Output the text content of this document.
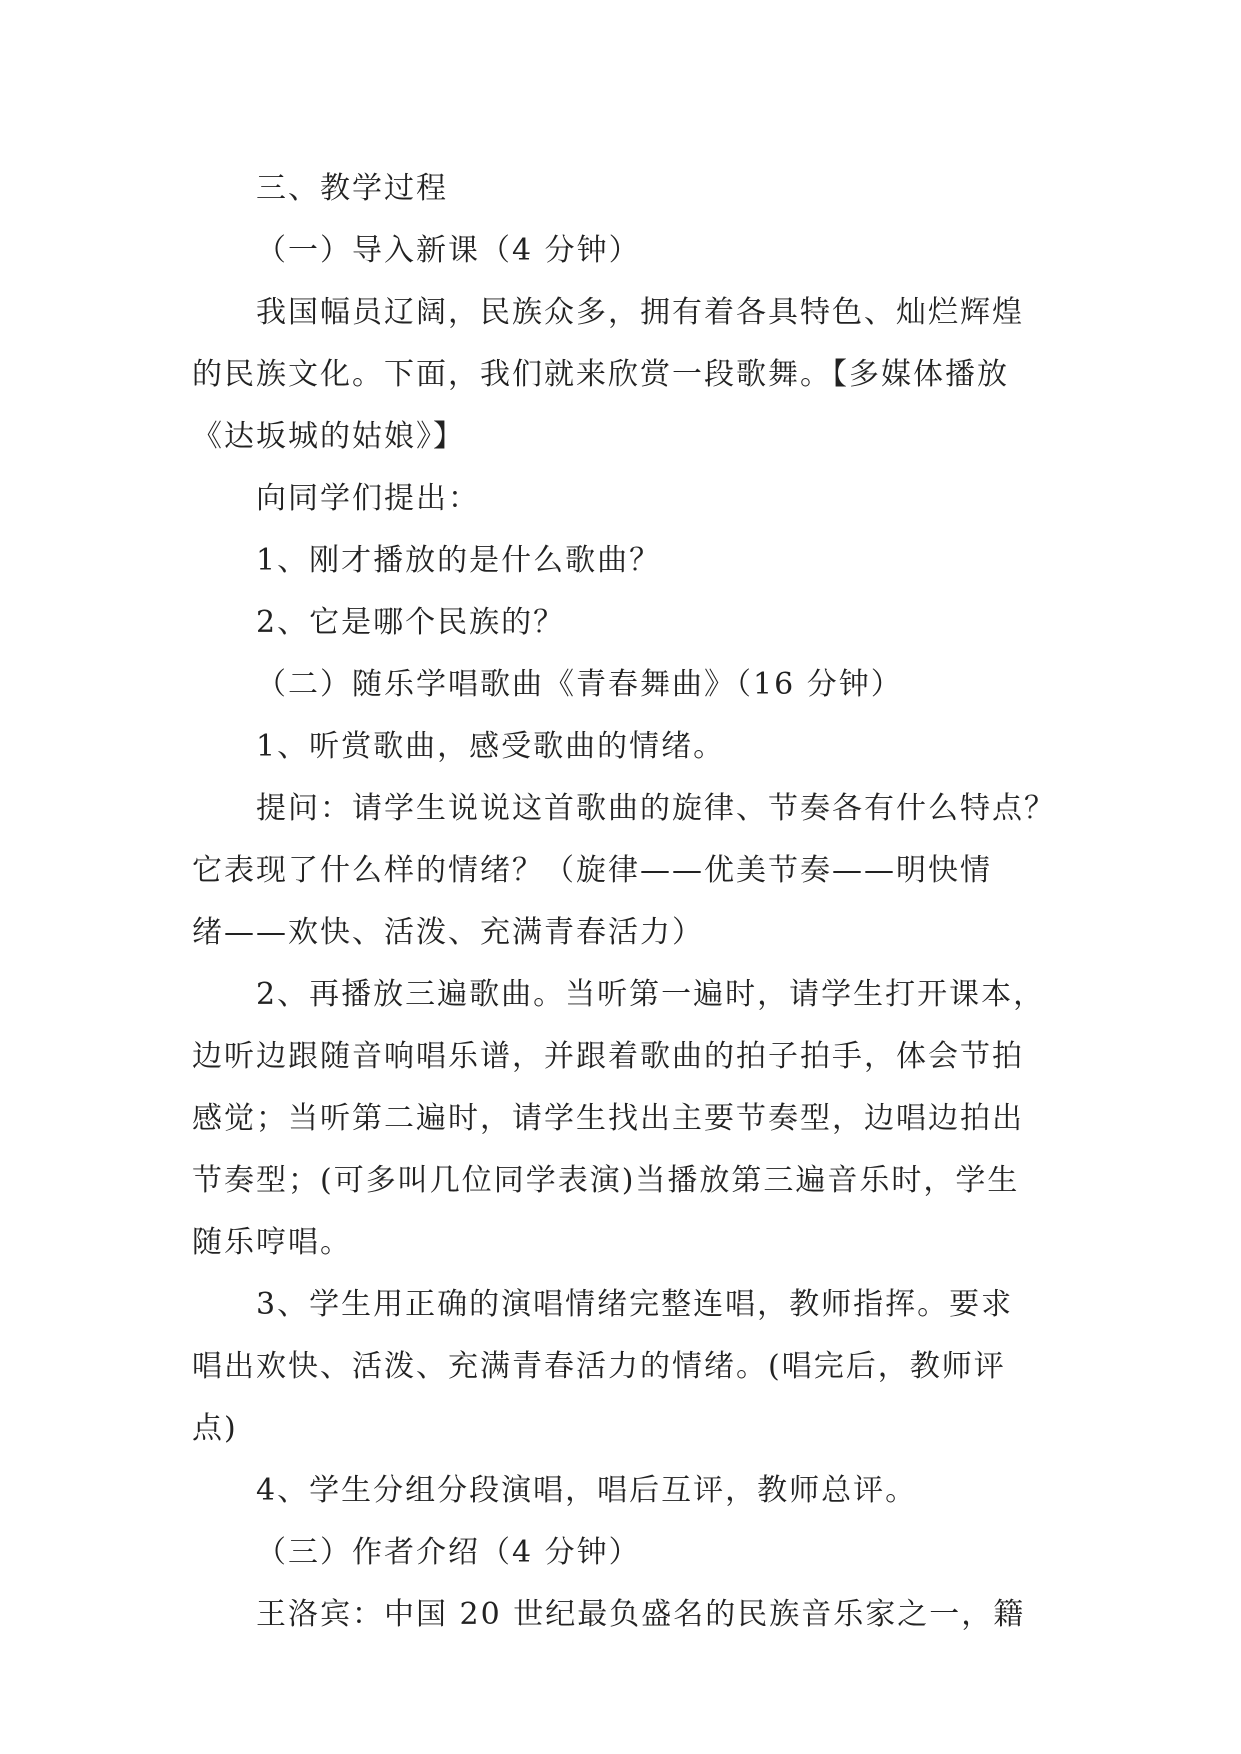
三、教学过程

（一）导入新课（4 分钟）

我国幅员辽阔，民族众多，拥有着各具特色、灿烂辉煌

的民族文化。下面，我们就来欣赏一段歌舞。【多媒体播放

《达坂城的姑娘》】

向同学们提出：

1、刚才播放的是什么歌曲？

2、它是哪个民族的？

（二）随乐学唱歌曲《青春舞曲》（16 分钟）

1、听赏歌曲，感受歌曲的情绪。

提问：请学生说说这首歌曲的旋律、节奏各有什么特点？

它表现了什么样的情绪？（旋律——优美节奏——明快情

绪——欢快、活泼、充满青春活力）

2、再播放三遍歌曲。当听第一遍时，请学生打开课本，

边听边跟随音响唱乐谱，并跟着歌曲的拍子拍手，体会节拍

感觉；当听第二遍时，请学生找出主要节奏型，边唱边拍出

节奏型；(可多叫几位同学表演)当播放第三遍音乐时，学生

随乐哼唱。

3、学生用正确的演唱情绪完整连唱，教师指挥。要求

唱出欢快、活泼、充满青春活力的情绪。(唱完后，教师评

点)

4、学生分组分段演唱，唱后互评，教师总评。

（三）作者介绍（4 分钟）

王洛宾：中国 20 世纪最负盛名的民族音乐家之一，籍
